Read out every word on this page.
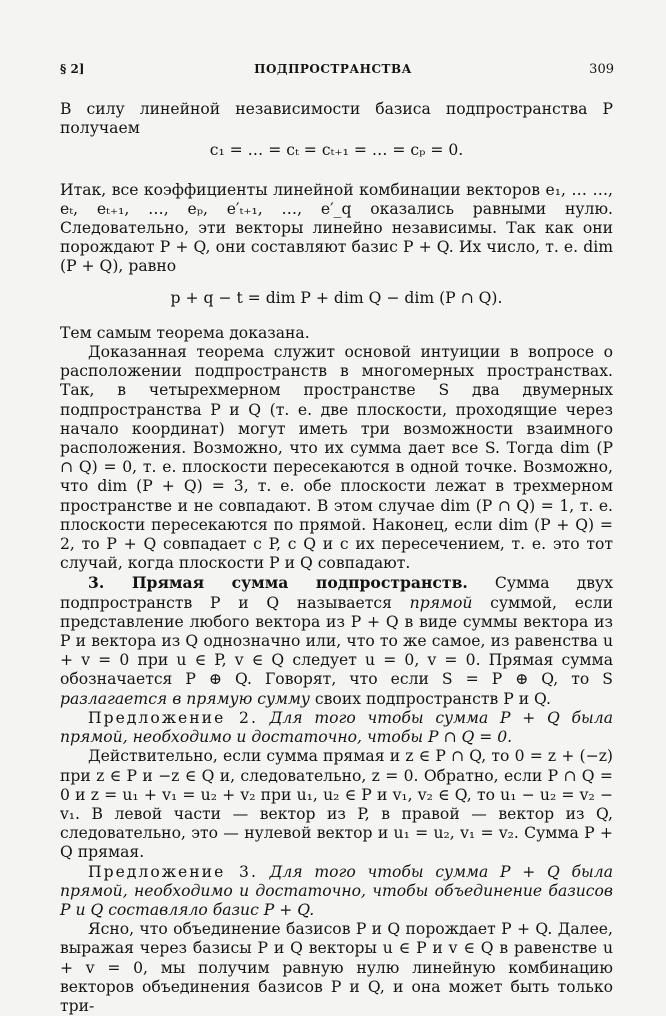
§ 2]	ПОДПРОСТРАНСТВА	309

В силу линейной независимости базиса подпространства P получаем

c₁ = … = cₜ = cₜ₊₁ = … = cₚ = 0.

Итак, все коэффициенты линейной комбинации векторов e₁, … …, eₜ, eₜ₊₁, …, eₚ, e′ₜ₊₁, …, e′_q оказались равными нулю. Следовательно, эти векторы линейно независимы. Так как они порождают P + Q, они составляют базис P + Q. Их число, т. е. dim (P + Q), равно

p + q − t = dim P + dim Q − dim (P ∩ Q).

Тем самым теорема доказана.

Доказанная теорема служит основой интуиции в вопросе о расположении подпространств в многомерных пространствах. Так, в четырехмерном пространстве S два двумерных подпространства P и Q (т. е. две плоскости, проходящие через начало координат) могут иметь три возможности взаимного расположения. Возможно, что их сумма дает все S. Тогда dim (P ∩ Q) = 0, т. е. плоскости пересекаются в одной точке. Возможно, что dim (P + Q) = 3, т. е. обе плоскости лежат в трехмерном пространстве и не совпадают. В этом случае dim (P ∩ Q) = 1, т. е. плоскости пересекаются по прямой. Наконец, если dim (P + Q) = 2, то P + Q совпадает с P, с Q и с их пересечением, т. е. это тот случай, когда плоскости P и Q совпадают.

3. Прямая сумма подпространств. Сумма двух подпространств P и Q называется прямой суммой, если представление любого вектора из P + Q в виде суммы вектора из P и вектора из Q однозначно или, что то же самое, из равенства u + v = 0 при u ∈ P, v ∈ Q следует u = 0, v = 0. Прямая сумма обозначается P ⊕ Q. Говорят, что если S = P ⊕ Q, то S разлагается в прямую сумму своих подпространств P и Q.

Предложение 2. Для того чтобы сумма P + Q была прямой, необходимо и достаточно, чтобы P ∩ Q = 0.

Действительно, если сумма прямая и z ∈ P ∩ Q, то 0 = z + (−z) при z ∈ P и −z ∈ Q и, следовательно, z = 0. Обратно, если P ∩ Q = 0 и z = u₁ + v₁ = u₂ + v₂ при u₁, u₂ ∈ P и v₁, v₂ ∈ Q, то u₁ − u₂ = v₂ − v₁. В левой части — вектор из P, в правой — вектор из Q, следовательно, это — нулевой вектор и u₁ = u₂, v₁ = v₂. Сумма P + Q прямая.

Предложение 3. Для того чтобы сумма P + Q была прямой, необходимо и достаточно, чтобы объединение базисов P и Q составляло базис P + Q.

Ясно, что объединение базисов P и Q порождает P + Q. Далее, выражая через базисы P и Q векторы u ∈ P и v ∈ Q в равенстве u + v = 0, мы получим равную нулю линейную комбинацию векторов объединения базисов P и Q, и она может быть только три-
